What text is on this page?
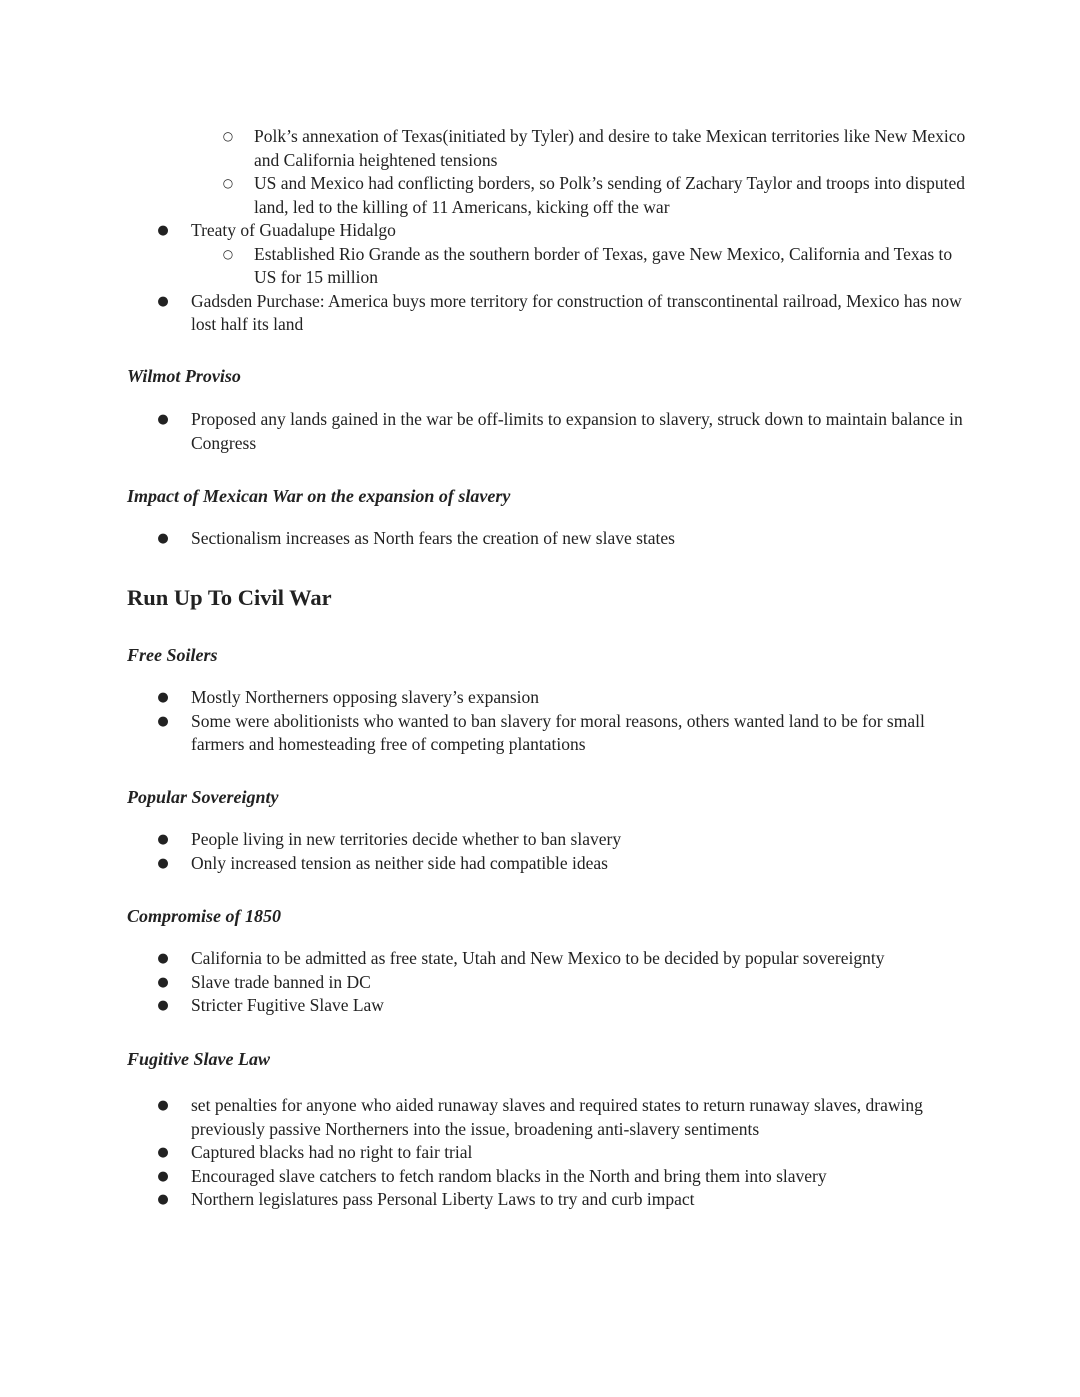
○ Polk’s annexation of Texas(initiated by Tyler) and desire to take Mexican territories like New Mexico and California heightened tensions
○ US and Mexico had conflicting borders, so Polk’s sending of Zachary Taylor and troops into disputed land, led to the killing of 11 Americans, kicking off the war
● Treaty of Guadalupe Hidalgo
○ Established Rio Grande as the southern border of Texas, gave New Mexico, California and Texas to US for 15 million
● Gadsden Purchase: America buys more territory for construction of transcontinental railroad, Mexico has now lost half its land
Wilmot Proviso
● Proposed any lands gained in the war be off-limits to expansion to slavery, struck down to maintain balance in Congress
Impact of Mexican War on the expansion of slavery
● Sectionalism increases as North fears the creation of new slave states
Run Up To Civil War
Free Soilers
● Mostly Northerners opposing slavery’s expansion
● Some were abolitionists who wanted to ban slavery for moral reasons, others wanted land to be for small farmers and homesteading free of competing plantations
Popular Sovereignty
● People living in new territories decide whether to ban slavery
● Only increased tension as neither side had compatible ideas
Compromise of 1850
● California to be admitted as free state, Utah and New Mexico to be decided by popular sovereignty
● Slave trade banned in DC
● Stricter Fugitive Slave Law
Fugitive Slave Law
● set penalties for anyone who aided runaway slaves and required states to return runaway slaves, drawing previously passive Northerners into the issue, broadening anti-slavery sentiments
● Captured blacks had no right to fair trial
● Encouraged slave catchers to fetch random blacks in the North and bring them into slavery
● Northern legislatures pass Personal Liberty Laws to try and curb impact
